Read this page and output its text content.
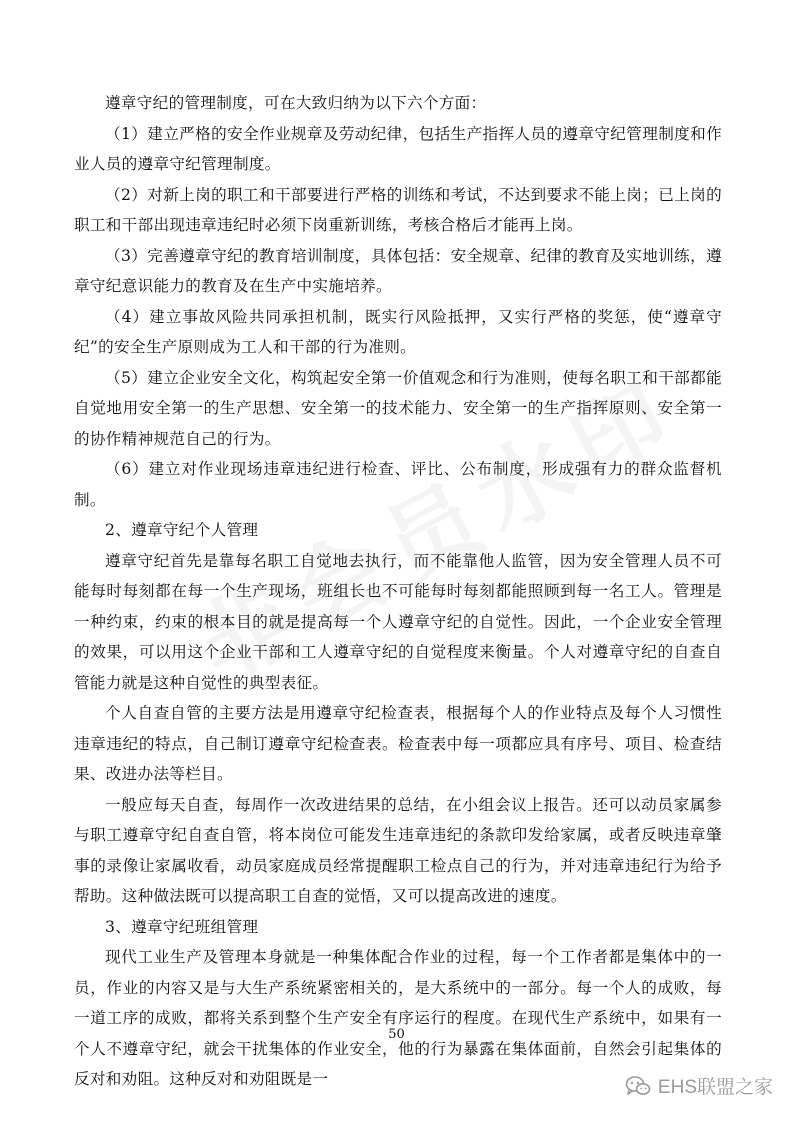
遵章守纪的管理制度，可在大致归纳为以下六个方面：

（1）建立严格的安全作业规章及劳动纪律，包括生产指挥人员的遵章守纪管理制度和作业人员的遵章守纪管理制度。

（2）对新上岗的职工和干部要进行严格的训练和考试，不达到要求不能上岗；已上岗的职工和干部出现违章违纪时必须下岗重新训练，考核合格后才能再上岗。

（3）完善遵章守纪的教育培训制度，具体包括：安全规章、纪律的教育及实地训练，遵章守纪意识能力的教育及在生产中实施培养。

（4）建立事故风险共同承担机制，既实行风险抵押，又实行严格的奖惩，使“遵章守纪”的安全生产原则成为工人和干部的行为准则。

（5）建立企业安全文化，构筑起安全第一价值观念和行为准则，使每名职工和干部都能自觉地用安全第一的生产思想、安全第一的技术能力、安全第一的生产指挥原则、安全第一的协作精神规范自己的行为。

（6）建立对作业现场违章违纪进行检查、评比、公布制度，形成强有力的群众监督机制。

2、遵章守纪个人管理

遵章守纪首先是靠每名职工自觉地去执行，而不能靠他人监管，因为安全管理人员不可能每时每刻都在每一个生产现场，班组长也不可能每时每刻都能照顾到每一名工人。管理是一种约束，约束的根本目的就是提高每一个人遵章守纪的自觉性。因此，一个企业安全管理的效果，可以用这个企业干部和工人遵章守纪的自觉程度来衡量。个人对遵章守纪的自查自管能力就是这种自觉性的典型表征。

个人自查自管的主要方法是用遵章守纪检查表，根据每个人的作业特点及每个人习惯性违章违纪的特点，自己制订遵章守纪检查表。检查表中每一项都应具有序号、项目、检查结果、改进办法等栏目。

一般应每天自查，每周作一次改进结果的总结，在小组会议上报告。还可以动员家属参与职工遵章守纪自查自管，将本岗位可能发生违章违纪的条款印发给家属，或者反映违章肇事的录像让家属收看，动员家庭成员经常提醒职工检点自己的行为，并对违章违纪行为给予帮助。这种做法既可以提高职工自查的觉悟，又可以提高改进的速度。

3、遵章守纪班组管理

现代工业生产及管理本身就是一种集体配合作业的过程，每一个工作者都是集体中的一员，作业的内容又是与大生产系统紧密相关的，是大系统中的一部分。每一个人的成败，每一道工序的成败，都将关系到整个生产安全有序运行的程度。在现代生产系统中，如果有一个人不遵章守纪，就会干扰集体的作业安全，他的行为暴露在集体面前，自然会引起集体的反对和劝阻。这种反对和劝阻既是一

50
EHS联盟之家
